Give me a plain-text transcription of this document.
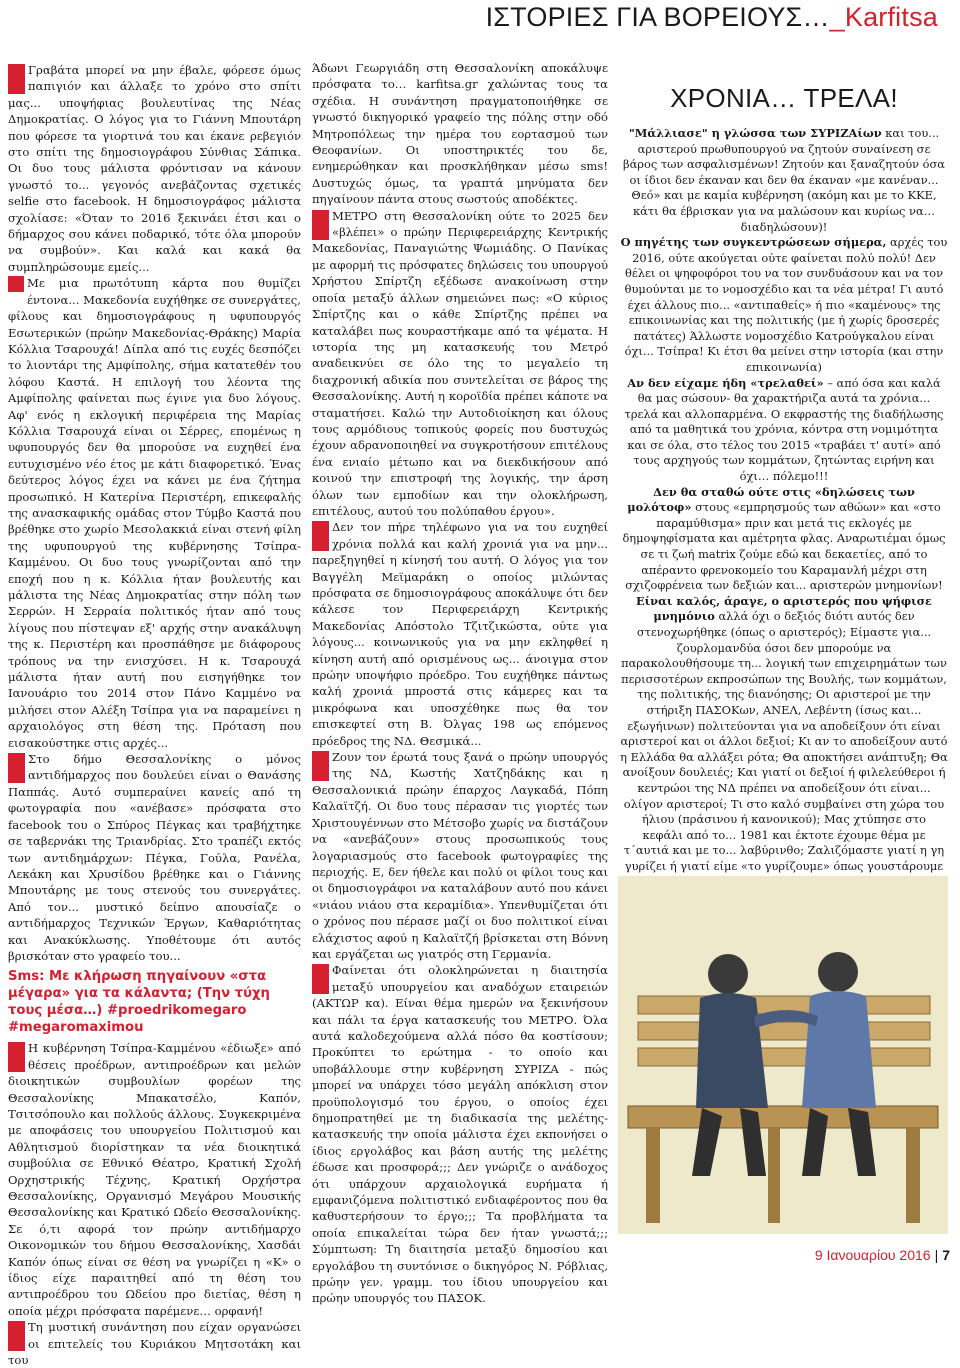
ΙΣΤΟΡΙΕΣ ΓΙΑ ΒΟΡΕΙΟΥΣ…_Karfitsa

Γραβάτα μπορεί να μην έβαλε, φόρεσε όμως παπιγιόν και άλλαξε το χρόνο στο σπίτι μας... υποψήφιας βουλευτίνας της Νέας Δημοκρατίας. Ο λόγος για το Γιάννη Μπουτάρη που φόρεσε τα γιορτινά του και έκανε ρεβεγιόν στο σπίτι της δημοσιογράφου Σύνθιας Σάπικα. Οι δυο τους μάλιστα φρόντισαν να κάνουν γνωστό το... γεγονός ανεβάζοντας σχετικές selfie στο facebook. Η δημοσιογράφος μάλιστα σχολίασε: «Όταν το 2016 ξεκινάει έτσι και ο δήμαρχος σου κάνει ποδαρικό, τότε όλα μπορούν να συμβούν». Και καλά και κακά θα συμπληρώσουμε εμείς...

Με μια πρωτότυπη κάρτα που θυμίζει έντονα... Μακεδονία ευχήθηκε σε συνεργάτες, φίλους και δημοσιογράφους η υφυπουργός Εσωτερικών (πρώην Μακεδονίας-Θράκης) Μαρία Κόλλια Τσαρουχά! Δίπλα από τις ευχές δεσπόζει το λιοντάρι της Αμφίπολης, σήμα κατατεθέν του λόφου Καστά. Η επιλογή του λέοντα της Αμφίπολης φαίνεται πως έγινε για δυο λόγους. Αφ' ενός η εκλογική περιφέρεια της Μαρίας Κόλλια Τσαρουχά είναι οι Σέρρες, επομένως η υφυπουργός δεν θα μπορούσε να ευχηθεί ένα ευτυχισμένο νέο έτος με κάτι διαφορετικό. Ένας δεύτερος λόγος έχει να κάνει με ένα ζήτημα προσωπικό. Η Κατερίνα Περιστέρη, επικεφαλής της ανασκαφικής ομάδας στον Τύμβο Καστά που βρέθηκε στο χωρίο Μεσολακκιά είναι στενή φίλη της υφυπουργού της κυβέρνησης Τσίπρα-Καμμένου. Οι δυο τους γνωρίζονται από την εποχή που η κ. Κόλλια ήταν βουλευτής και μάλιστα της Νέας Δημοκρατίας στην πόλη των Σερρών. Η Σερραία πολιτικός ήταν από τους λίγους που πίστεψαν εξ' αρχής στην ανακάλυψη της κ. Περιστέρη και προσπάθησε με διάφορους τρόπους να την ενισχύσει. Η κ. Τσαρουχά μάλιστα ήταν αυτή που εισηγήθηκε τον Ιανουάριο του 2014 στον Πάνο Καμμένο να μιλήσει στον Αλέξη Τσίπρα για να παραμείνει η αρχαιολόγος στη θέση της. Πρόταση που εισακούστηκε στις αρχές...

Στο δήμο Θεσσαλονίκης ο μόνος αντιδήμαρχος που δουλεύει είναι ο Θανάσης Παππάς. Αυτό συμπεραίνει κανείς από τη φωτογραφία που «ανέβασε» πρόσφατα στο facebook του ο Σπύρος Πέγκας και τραβήχτηκε σε ταβερνάκι της Τριανδρίας. Στο τραπέζι εκτός των αντιδημάρχων: Πέγκα, Γούλα, Ρανέλα, Λεκάκη και Χρυσίδου βρέθηκε και ο Γιάννης Μπουτάρης με τους στενούς του συνεργάτες. Από τον... μυστικό δείπνο απουσίαζε ο αντιδήμαρχος Τεχνικών Έργων, Καθαριότητας και Ανακύκλωσης. Υποθέτουμε ότι αυτός βρισκόταν στο γραφείο του...

Sms: Με κλήρωση πηγαίνουν «στα μέγαρα» για τα κάλαντα; (Την τύχη τους μέσα…) #proedrikomegaro #megaromaximou

Η κυβέρνηση Τσίπρα-Καμμένου «έδιωξε» από θέσεις προέδρων, αντιπροέδρων και μελών διοικητικών συμβουλίων φορέων της Θεσσαλονίκης Μπακατσέλο, Καπόν, Τσιτσόπουλο και πολλούς άλλους. Συγκεκριμένα με αποφάσεις του υπουργείου Πολιτισμού και Αθλητισμού διορίστηκαν τα νέα διοικητικά συμβούλια σε Εθνικό Θέατρο, Κρατική Σχολή Ορχηστρικής Τέχνης, Κρατική Ορχήστρα Θεσσαλονίκης, Οργανισμό Μεγάρου Μουσικής Θεσσαλονίκης και Κρατικό Ωδείο Θεσσαλονίκης. Σε ό,τι αφορά τον πρώην αντιδήμαρχο Οικονομικών του δήμου Θεσσαλονίκης, Χασδάι Καπόν όπως είναι σε θέση να γνωρίζει η «Κ» ο ίδιος είχε παραιτηθεί από τη θέση του αντιπροέδρου του Ωδείου προ διετίας, θέση η οποία μέχρι πρόσφατα παρέμενε… ορφανή!

Τη μυστική συνάντηση που είχαν οργανώσει οι επιτελείς του Κυριάκου Μητσοτάκη και του

Άδωνι Γεωργιάδη στη Θεσσαλονίκη αποκάλυψε πρόσφατα το… karfitsa.gr χαλώντας τους τα σχέδια. Η συνάντηση πραγματοποιήθηκε σε γνωστό δικηγορικό γραφείο της πόλης στην οδό Μητροπόλεως την ημέρα του εορτασμού των Θεοφανίων. Οι υποστηρικτές του δε, ενημερώθηκαν και προσκλήθηκαν μέσω sms! Δυστυχώς όμως, τα γραπτά μηνύματα δεν πηγαίνουν πάντα στους σωστούς αποδέκτες.

ΜΕΤΡΟ στη Θεσσαλονίκη ούτε το 2025 δεν «βλέπει» ο πρώην Περιφερειάρχης Κεντρικής Μακεδονίας, Παναγιώτης Ψωμιάδης. Ο Πανίκας με αφορμή τις πρόσφατες δηλώσεις του υπουργού Χρήστου Σπίρτζη εξέδωσε ανακοίνωση στην οποία μεταξύ άλλων σημειώνει πως: «Ο κύριος Σπίρτζης και ο κάθε Σπίρτζης πρέπει να καταλάβει πως κουραστήκαμε από τα ψέματα. Η ιστορία της μη κατασκευής του Μετρό αναδεικνύει σε όλο της το μεγαλείο τη διαχρονική αδικία που συντελείται σε βάρος της Θεσσαλονίκης. Αυτή η κοροϊδία πρέπει κάποτε να σταματήσει. Καλώ την Αυτοδιοίκηση και όλους τους αρμόδιους τοπικούς φορείς που δυστυχώς έχουν αδρανοποιηθεί να συγκροτήσουν επιτέλους ένα ενιαίο μέτωπο και να διεκδικήσουν από κοινού την επιστροφή της λογικής, την άρση όλων των εμποδίων και την ολοκλήρωση, επιτέλους, αυτού του πολύπαθου έργου».

Δεν τον πήρε τηλέφωνο για να του ευχηθεί χρόνια πολλά και καλή χρονιά για να μην... παρεξηγηθεί η κίνησή του αυτή. Ο λόγος για τον Βαγγέλη Μεϊμαράκη ο οποίος μιλώντας πρόσφατα σε δημοσιογράφους αποκάλυψε ότι δεν κάλεσε τον Περιφερειάρχη Κεντρικής Μακεδονίας Απόστολο Τζιτζικώστα, ούτε για λόγους... κοινωνικούς για να μην εκληφθεί η κίνηση αυτή από ορισμένους ως... άνοιγμα στον πρώην υποψήφιο πρόεδρο. Του ευχήθηκε πάντως καλή χρονιά μπροστά στις κάμερες και τα μικρόφωνα και υποσχέθηκε πως θα τον επισκεφτεί στη Β. Όλγας 198 ως επόμενος πρόεδρος της ΝΔ. Θεσμικά...

Ζουν τον έρωτά τους ξανά ο πρώην υπουργός της ΝΔ, Κωστής Χατζηδάκης και η Θεσσαλονικιά πρώην έπαρχος Λαγκαδά, Πόπη Καλαϊτζή. Οι δυο τους πέρασαν τις γιορτές των Χριστουγέννων στο Μέτσοβο χωρίς να διστάζουν να «ανεβάζουν» στους προσωπικούς τους λογαριασμούς στο facebook φωτογραφίες της περιοχής. Ε, δεν ήθελε και πολύ οι φίλοι τους και οι δημοσιογράφοι να καταλάβουν αυτό που κάνει «νιάου νιάου στα κεραμίδια». Υπενθυμίζεται ότι ο χρόνος που πέρασε μαζί οι δυο πολιτικοί είναι ελάχιστος αφού η Καλαϊτζή βρίσκεται στη Βόννη και εργάζεται ως γιατρός στη Γερμανία.

Φαίνεται ότι ολοκληρώνεται η διαιτησία μεταξύ υπουργείου και αναδόχων εταιρειών (ΑΚΤΩΡ κα). Είναι θέμα ημερών να ξεκινήσουν και πάλι τα έργα κατασκευής του ΜΕΤΡΟ. Όλα αυτά καλοδεχούμενα αλλά πόσο θα κοστίσουν; Προκύπτει το ερώτημα - το οποίο και υποβάλλουμε στην κυβέρνηση ΣΥΡΙΖΑ - πώς μπορεί να υπάρχει τόσο μεγάλη απόκλιση στον προϋπολογισμό του έργου, ο οποίος έχει δημοπρατηθεί με τη διαδικασία της μελέτης-κατασκευής την οποία μάλιστα έχει εκπονήσει ο ίδιος εργολάβος και βάση αυτής της μελέτης έδωσε και προσφορά;;; Δεν γνώριζε ο ανάδοχος ότι υπάρχουν αρχαιολογικά ευρήματα ή εμφανιζόμενα πολιτιστικό ενδιαφέροντος που θα καθυστερήσουν το έργο;;; Τα προβλήματα τα οποία επικαλείται τώρα δεν ήταν γνωστά;;; Σύμπτωση: Τη διαιτησία μεταξύ δημοσίου και εργολάβου τη συντόνισε ο δικηγόρος Ν. Ρόβλιας, πρώην γεν. γραμμ. του ίδιου υπουργείου και πρώην υπουργός του ΠΑΣΟΚ.

ΧΡΟΝΙΑ… ΤΡΕΛΑ!
"Μάλλιασε" η γλώσσα των ΣΥΡΙΖΑίων και του... αριστερού πρωθυπουργού να ζητούν συναίνεση σε βάρος των ασφαλισμένων! Ζητούν και ξαναζητούν όσα οι ίδιοι δεν έκαναν και δεν θα έκαναν «με κανέναν... Θεό» και με καμία κυβέρνηση (ακόμη και με το ΚΚΕ, κάτι θα έβρισκαν για να μαλώσουν και κυρίως να… διαδηλώσουν)!
Ο πηγέτης των συγκεντρώσεων σήμερα, αρχές του 2016, ούτε ακούγεται ούτε φαίνεται πολύ πολύ! Δεν θέλει οι ψηφοφόροι του να τον συνδυάσουν και να τον θυμούνται με το νομοσχέδιο και τα νέα μέτρα! Γι αυτό έχει άλλους πιο... «αντιπαθείς» ή πιο «καμένους» της επικοινωνίας και της πολιτικής (με ή χωρίς δροσερές πατάτες) Άλλωστε νομοσχέδιο Κατρούγκαλου είναι όχι... Τσίπρα! Κι έτσι θα μείνει στην ιστορία (και στην επικοινωνία)
Αν δεν είχαμε ήδη «τρελαθεί» – από όσα και καλά θα μας σώσουν- θα χαρακτήριζα αυτά τα χρόνια... τρελά και αλλοπαρμένα. Ο εκφραστής της διαδήλωσης από τα μαθητικά του χρόνια, κόντρα στη νομιμότητα και σε όλα, στο τέλος του 2015 «τραβάει τ' αυτί» από τους αρχηγούς των κομμάτων, ζητώντας ειρήνη και όχι… πόλεμο!!!
Δεν θα σταθώ ούτε στις «δηλώσεις των μολότοφ» στους «εμπρησμούς των αθώων» και «στο παραμύθισμα» πριν και μετά τις εκλογές με δημοψηφίσματα και αμέτρητα φλας. Αναρωτιέμαι όμως σε τι ζωή matrix ζούμε εδώ και δεκαετίες, από το απέραντο φρενοκομείο του Καραμανλή μέχρι στη σχιζοφρένεια των δεξιών και... αριστερών μνημονίων!
Είναι καλός, άραγε, ο αριστερός που ψήφισε μνημόνιο αλλά όχι ο δεξιός διότι αυτός δεν στενοχωρήθηκε (όπως ο αριστερός); Είμαστε για... ζουρλομανδύα όσοι δεν μπορούμε να παρακολουθήσουμε τη... λογική των επιχειρημάτων των περισσοτέρων εκπροσώπων της Βουλής, των κομμάτων, της πολιτικής, της διανόησης; Οι αριστεροί με την στήριξη ΠΑΣΟΚων, ΑΝΕΛ, Λεβέντη (ίσως και... εξωγήινων) πολιτεύονται για να αποδείξουν ότι είναι αριστεροί και οι άλλοι δεξιοί; Κι αν το αποδείξουν αυτό η Ελλάδα θα αλλάξει ρότα; Θα αποκτήσει ανάπτυξη; Θα ανοίξουν δουλειές; Και γιατί οι δεξιοί ή φιλελεύθεροι ή κεντρώοι της ΝΔ πρέπει να αποδείξουν ότι είναι... ολίγον αριστεροί; Τι στο καλό συμβαίνει στη χώρα του ήλιου (πράσινου ή κανονικού); Μας χτύπησε στο κεφάλι από το... 1981 και έκτοτε έχουμε θέμα με τ΄αυτιά και με το... λαβύρινθο; Ζαλιζόμαστε γιατί η γη γυρίζει ή γιατί είμε «το γυρίζουμε» όπως γουστάρουμε

9 Ιανουαρίου 2016 | 7
